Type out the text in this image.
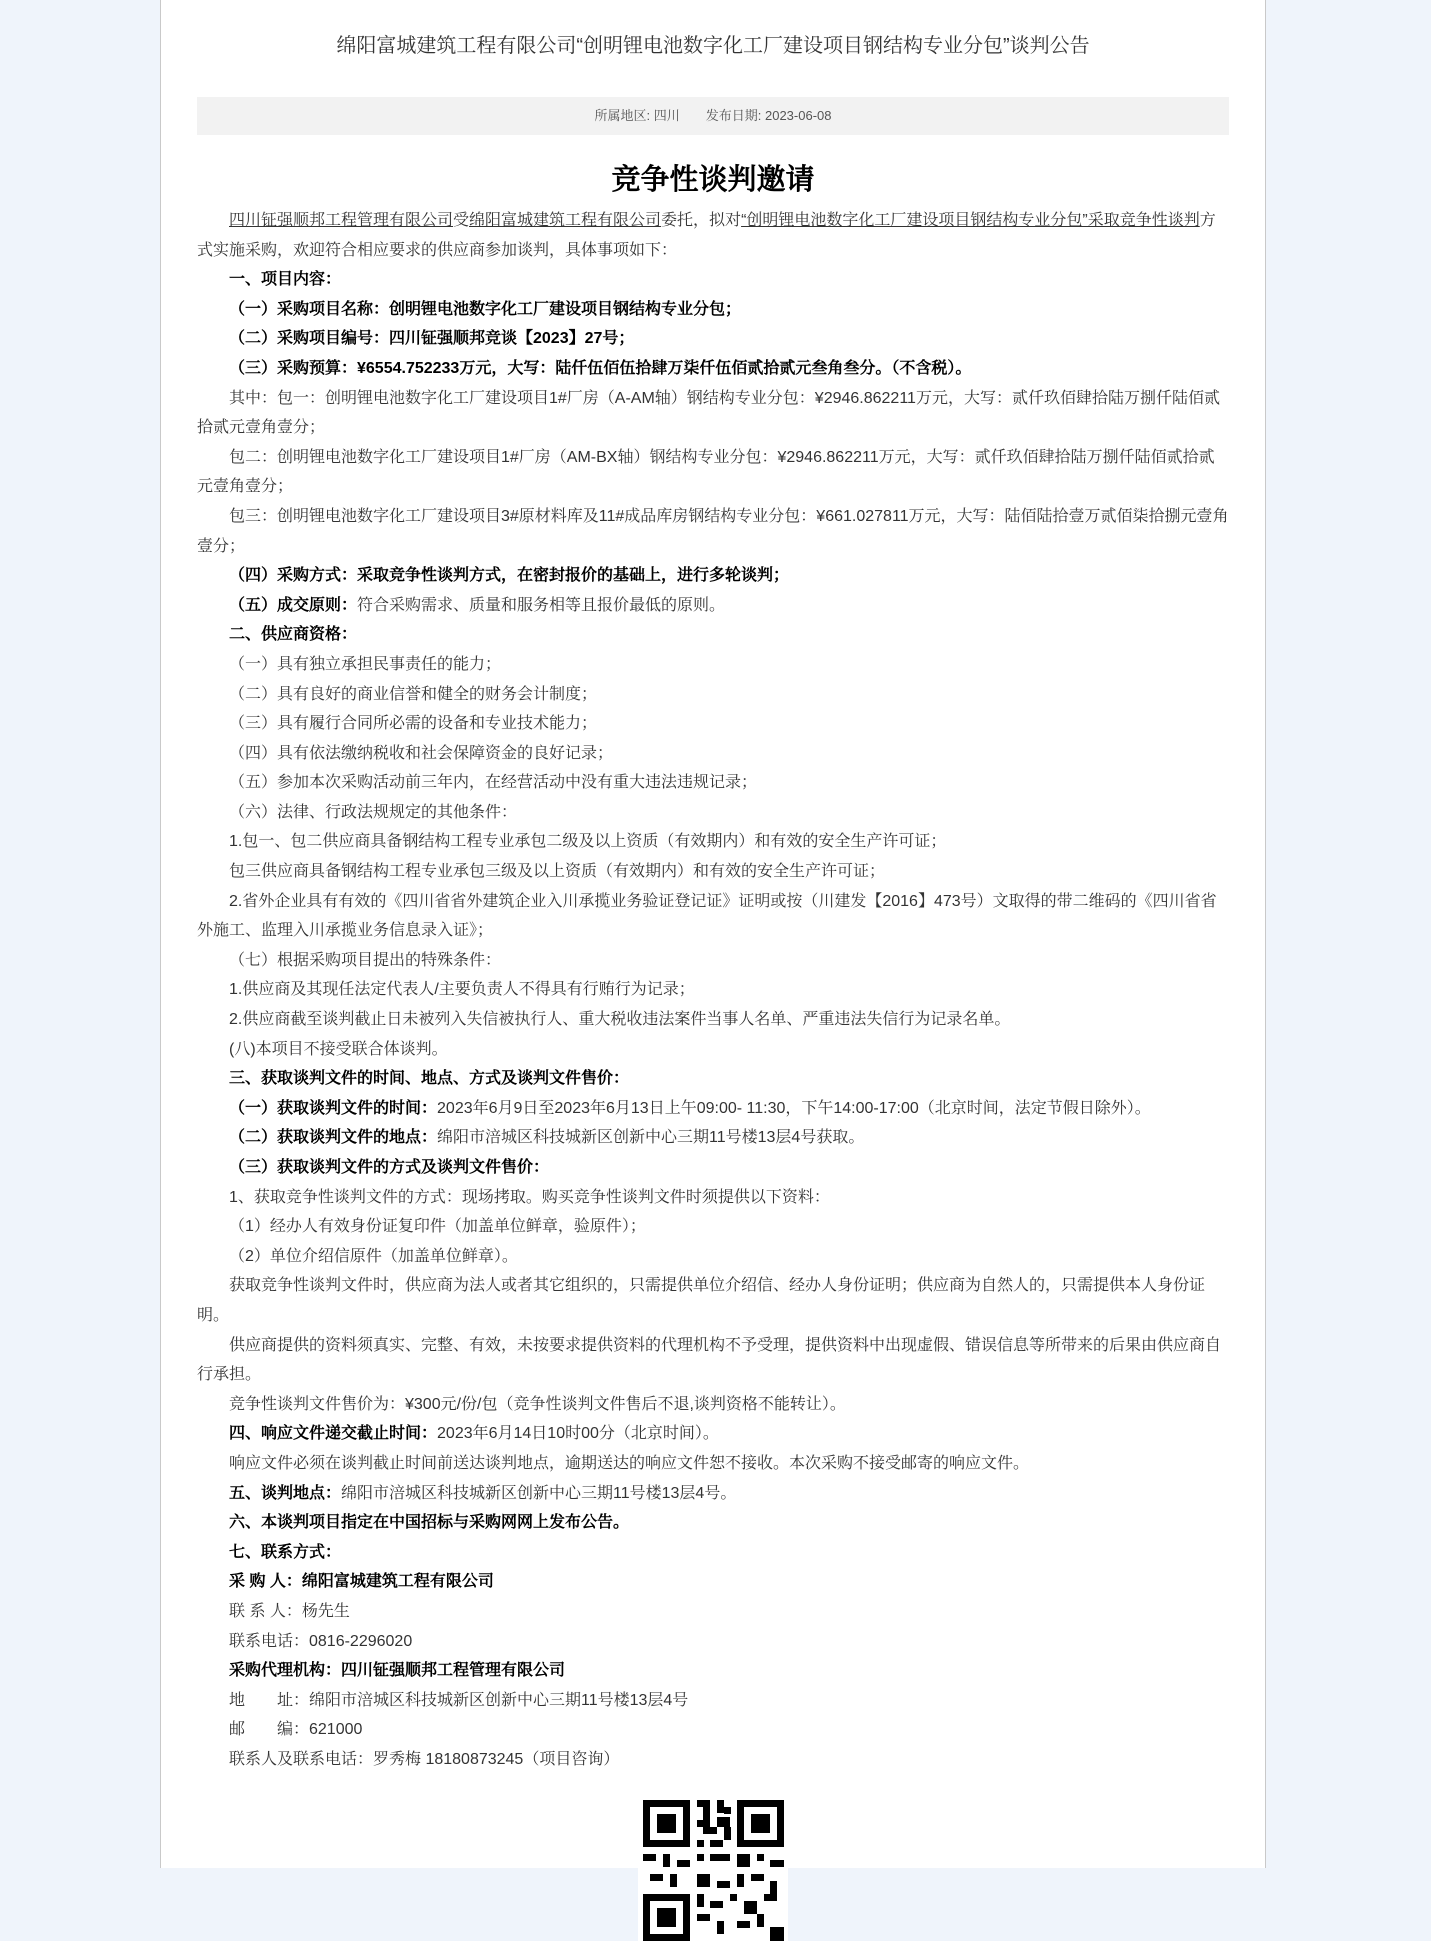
绵阳富城建筑工程有限公司“创明锂电池数字化工厂建设项目钢结构专业分包”谈判公告
所属地区: 四川 发布日期: 2023-06-08
竞争性谈判邀请

四川钲强顺邦工程管理有限公司受绵阳富城建筑工程有限公司委托，拟对“创明锂电池数字化工厂建设项目钢结构专业分包”采取竞争性谈判方式实施采购，欢迎符合相应要求的供应商参加谈判，具体事项如下：

一、项目内容：

（一）采购项目名称：创明锂电池数字化工厂建设项目钢结构专业分包；

（二）采购项目编号：四川钲强顺邦竞谈【2023】27号；

（三）采购预算：¥6554.752233万元，大写：陆仟伍佰伍拾肆万柒仟伍佰贰拾贰元叁角叁分。（不含税）。

其中：包一：创明锂电池数字化工厂建设项目1#厂房（A-AM轴）钢结构专业分包：¥2946.862211万元，大写：贰仟玖佰肆拾陆万捌仟陆佰贰拾贰元壹角壹分；

包二：创明锂电池数字化工厂建设项目1#厂房（AM-BX轴）钢结构专业分包：¥2946.862211万元，大写：贰仟玖佰肆拾陆万捌仟陆佰贰拾贰元壹角壹分；

包三：创明锂电池数字化工厂建设项目3#原材料库及11#成品库房钢结构专业分包：¥661.027811万元，大写：陆佰陆拾壹万贰佰柒拾捌元壹角壹分；

（四）采购方式：采取竞争性谈判方式，在密封报价的基础上，进行多轮谈判；

（五）成交原则：符合采购需求、质量和服务相等且报价最低的原则。

二、供应商资格：

（一）具有独立承担民事责任的能力；

（二）具有良好的商业信誉和健全的财务会计制度；

（三）具有履行合同所必需的设备和专业技术能力；

（四）具有依法缴纳税收和社会保障资金的良好记录；

（五）参加本次采购活动前三年内，在经营活动中没有重大违法违规记录；

（六）法律、行政法规规定的其他条件：

1.包一、包二供应商具备钢结构工程专业承包二级及以上资质（有效期内）和有效的安全生产许可证；

包三供应商具备钢结构工程专业承包三级及以上资质（有效期内）和有效的安全生产许可证；

2.省外企业具有有效的《四川省省外建筑企业入川承揽业务验证登记证》证明或按（川建发【2016】473号）文取得的带二维码的《四川省省外施工、监理入川承揽业务信息录入证》；

（七）根据采购项目提出的特殊条件：

1.供应商及其现任法定代表人/主要负责人不得具有行贿行为记录；

2.供应商截至谈判截止日未被列入失信被执行人、重大税收违法案件当事人名单、严重违法失信行为记录名单。

(八)本项目不接受联合体谈判。

三、获取谈判文件的时间、地点、方式及谈判文件售价：

（一）获取谈判文件的时间：2023年6月9日至2023年6月13日上午09:00- 11:30，下午14:00-17:00（北京时间，法定节假日除外）。

（二）获取谈判文件的地点：绵阳市涪城区科技城新区创新中心三期11号楼13层4号获取。

（三）获取谈判文件的方式及谈判文件售价：

1、获取竞争性谈判文件的方式：现场拷取。购买竞争性谈判文件时须提供以下资料：

（1）经办人有效身份证复印件（加盖单位鲜章，验原件）；

（2）单位介绍信原件（加盖单位鲜章）。

获取竞争性谈判文件时，供应商为法人或者其它组织的，只需提供单位介绍信、经办人身份证明；供应商为自然人的，只需提供本人身份证明。

供应商提供的资料须真实、完整、有效，未按要求提供资料的代理机构不予受理，提供资料中出现虚假、错误信息等所带来的后果由供应商自行承担。

竞争性谈判文件售价为：¥300元/份/包（竞争性谈判文件售后不退,谈判资格不能转让）。

四、响应文件递交截止时间：2023年6月14日10时00分（北京时间）。

响应文件必须在谈判截止时间前送达谈判地点，逾期送达的响应文件恕不接收。本次采购不接受邮寄的响应文件。

五、谈判地点：绵阳市涪城区科技城新区创新中心三期11号楼13层4号。

六、本谈判项目指定在中国招标与采购网网上发布公告。

七、联系方式：

采 购 人：绵阳富城建筑工程有限公司

联 系 人：杨先生

联系电话：0816-2296020

采购代理机构：四川钲强顺邦工程管理有限公司

地　　址：绵阳市涪城区科技城新区创新中心三期11号楼13层4号

邮　　编：621000

联系人及联系电话：罗秀梅 18180873245（项目咨询）
